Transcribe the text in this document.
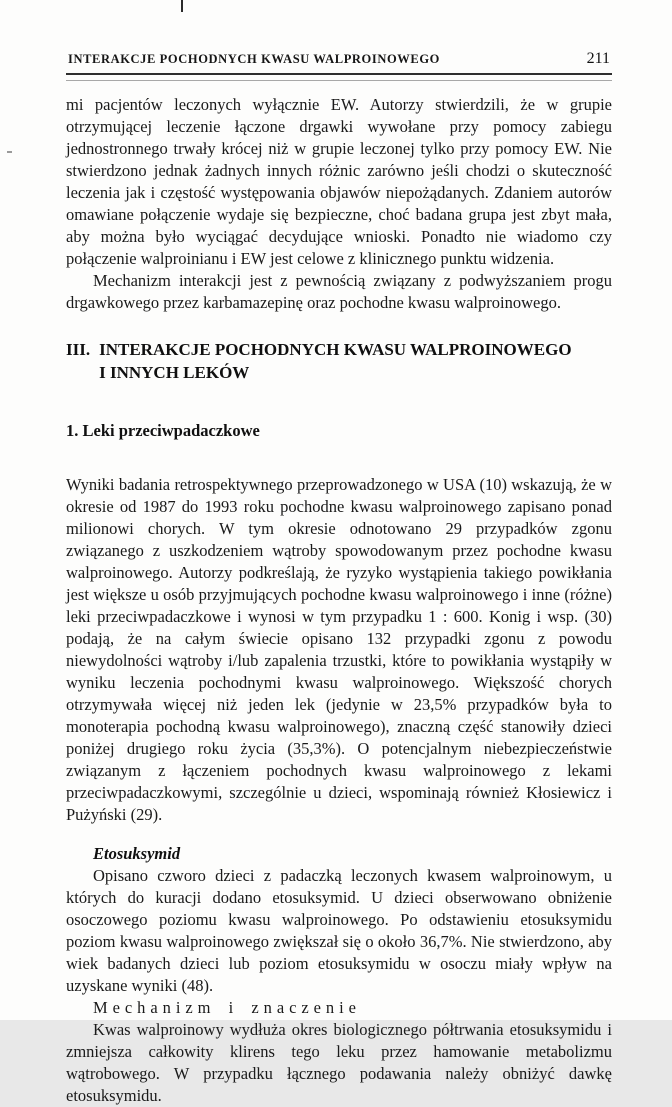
INTERAKCJE POCHODNYCH KWASU WALPROINOWEGO	211

mi pacjentów leczonych wyłącznie EW. Autorzy stwierdzili, że w grupie otrzymującej leczenie łączone drgawki wywołane przy pomocy zabiegu jednostronnego trwały krócej niż w grupie leczonej tylko przy pomocy EW. Nie stwierdzono jednak żadnych innych różnic zarówno jeśli chodzi o skuteczność leczenia jak i częstość występowania objawów niepożądanych. Zdaniem autorów omawiane połączenie wydaje się bezpieczne, choć badana grupa jest zbyt mała, aby można było wyciągać decydujące wnioski. Ponadto nie wiadomo czy połączenie walproinianu i EW jest celowe z klinicznego punktu widzenia.

Mechanizm interakcji jest z pewnością związany z podwyższaniem progu drgawkowego przez karbamazepinę oraz pochodne kwasu walproinowego.

III. INTERAKCJE POCHODNYCH KWASU WALPROINOWEGO
I INNYCH LEKÓW
1. Leki przeciwpadaczkowe

Wyniki badania retrospektywnego przeprowadzonego w USA (10) wskazują, że w okresie od 1987 do 1993 roku pochodne kwasu walproinowego zapisano ponad milionowi chorych. W tym okresie odnotowano 29 przypadków zgonu związanego z uszkodzeniem wątroby spowodowanym przez pochodne kwasu walproinowego. Autorzy podkreślają, że ryzyko wystąpienia takiego powikłania jest większe u osób przyjmujących pochodne kwasu walproinowego i inne (różne) leki przeciwpadaczkowe i wynosi w tym przypadku 1 : 600. Konig i wsp. (30) podają, że na całym świecie opisano 132 przypadki zgonu z powodu niewydolności wątroby i/lub zapalenia trzustki, które to powikłania wystąpiły w wyniku leczenia pochodnymi kwasu walproinowego. Większość chorych otrzymywała więcej niż jeden lek (jedynie w 23,5% przypadków była to monoterapia pochodną kwasu walproinowego), znaczną część stanowiły dzieci poniżej drugiego roku życia (35,3%). O potencjalnym niebezpieczeństwie związanym z łączeniem pochodnych kwasu walproinowego z lekami przeciwpadaczkowymi, szczególnie u dzieci, wspominają również Kłosiewicz i Pużyński (29).

Etosuksymid

Opisano czworo dzieci z padaczką leczonych kwasem walproinowym, u których do kuracji dodano etosuksymid. U dzieci obserwowano obniżenie osoczowego poziomu kwasu walproinowego. Po odstawieniu etosuksymidu poziom kwasu walproinowego zwiększał się o około 36,7%. Nie stwierdzono, aby wiek badanych dzieci lub poziom etosuksymidu w osoczu miały wpływ na uzyskane wyniki (48).

Mechanizm i znaczenie

Kwas walproinowy wydłuża okres biologicznego półtrwania etosuksymidu i zmniejsza całkowity klirens tego leku przez hamowanie metabolizmu wątrobowego. W przypadku łącznego podawania należy obniżyć dawkę etosuksymidu.
